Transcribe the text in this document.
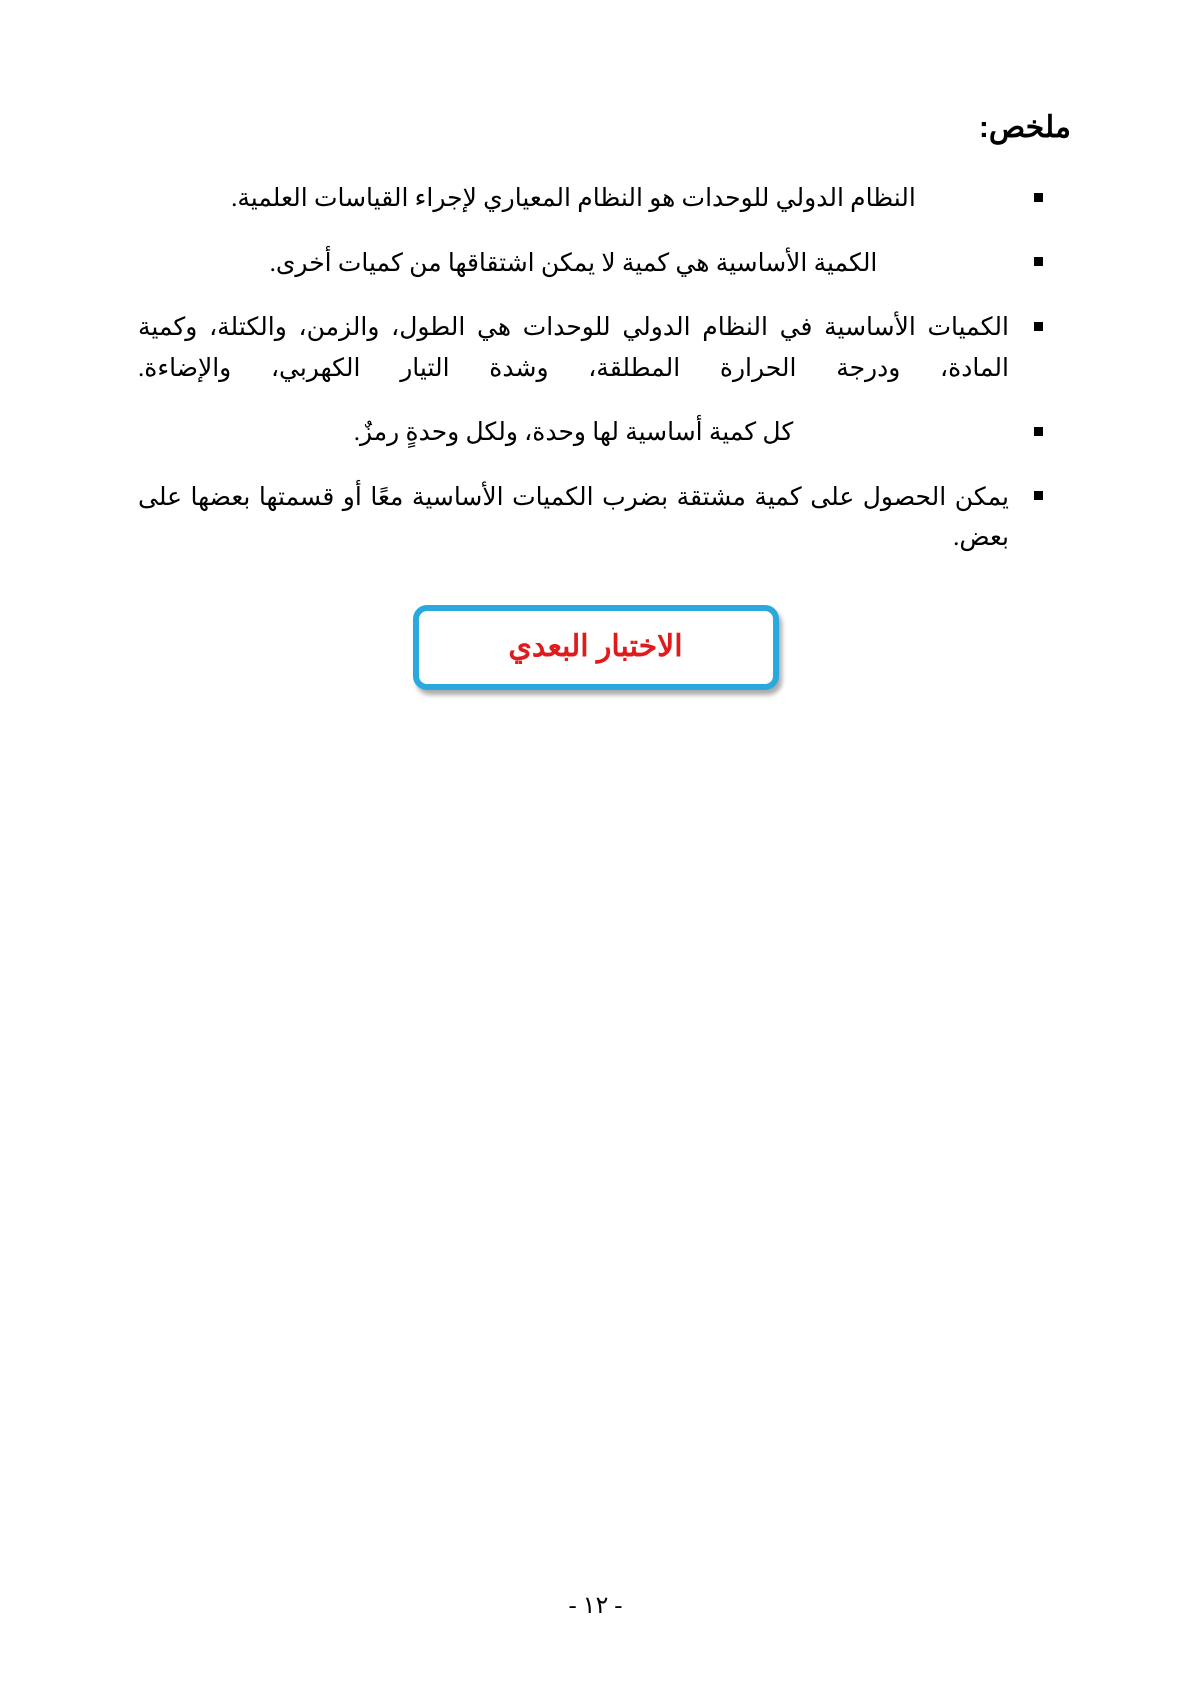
ملخص:
النظام الدولي للوحدات هو النظام المعياري لإجراء القياسات العلمية.
الكمية الأساسية هي كمية لا يمكن اشتقاقها من كميات أخرى.
الكميات الأساسية في النظام الدولي للوحدات هي الطول، والزمن، والكتلة، وكمية المادة، ودرجة الحرارة المطلقة، وشدة التيار الكهربي، والإضاءة.
كل كمية أساسية لها وحدة، ولكل وحدةٍ رمزٌ.
يمكن الحصول على كمية مشتقة بضرب الكميات الأساسية معًا أو قسمتها بعضها على بعض.
الاختبار البعدي
- ١٢ -
